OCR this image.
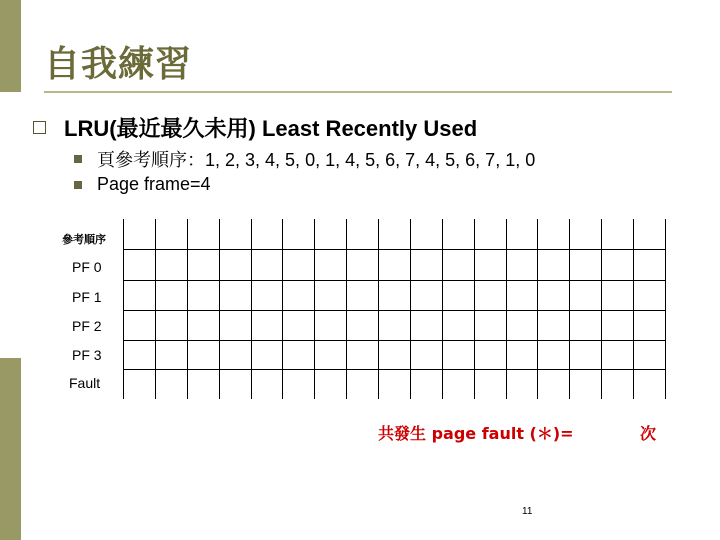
自我練習
LRU(最近最久未用) Least Recently Used
頁參考順序：1, 2, 3, 4, 5, 0, 1, 4, 5, 6, 7, 4, 5, 6, 7, 1, 0
Page frame=4
參考順序
PF 0
PF 1
PF 2
PF 3
Fault
共發生 page fault (＊)=	次
11
